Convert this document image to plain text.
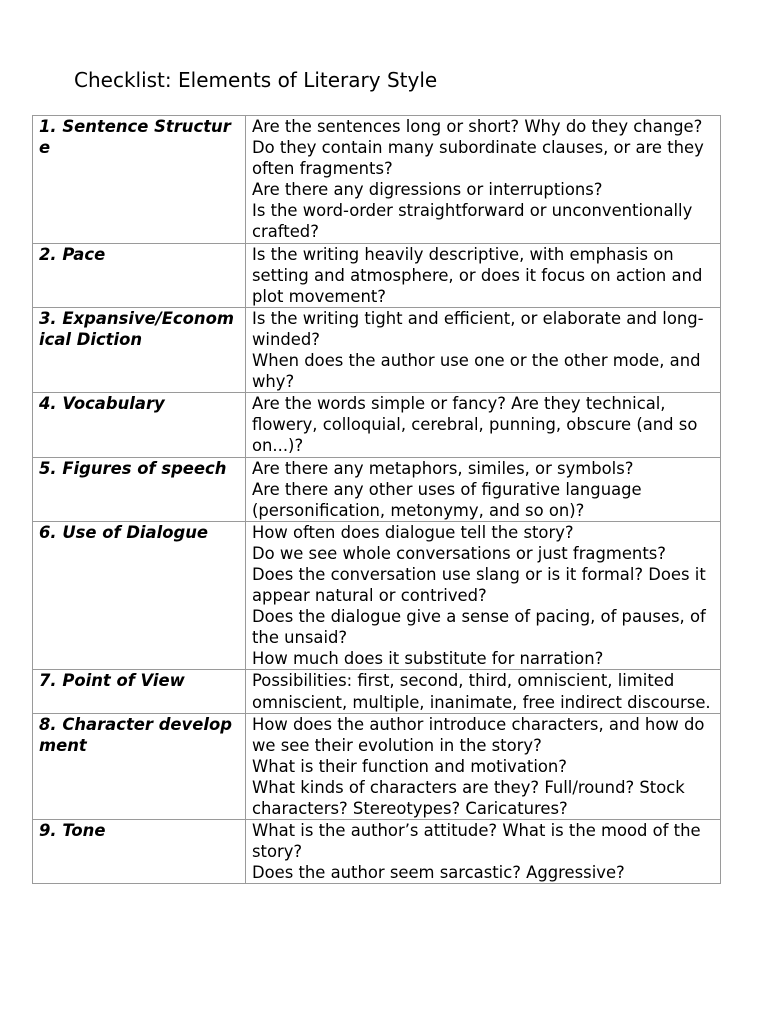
Checklist: Elements of Literary Style
1. Sentence Structure	Are the sentences long or short? Why do they change?
Do they contain many subordinate clauses, or are they often fragments?
Are there any digressions or interruptions?
Is the word-order straightforward or unconventionally crafted?

2. Pace	Is the writing heavily descriptive, with emphasis on setting and atmosphere, or does it focus on action and plot movement?

3. Expansive/Economical Diction	Is the writing tight and efficient, or elaborate and long-winded?
When does the author use one or the other mode, and why?

4. Vocabulary	Are the words simple or fancy? Are they technical, flowery, colloquial, cerebral, punning, obscure (and so on...)?

5. Figures of speech	Are there any metaphors, similes, or symbols?
Are there any other uses of figurative language (personification, metonymy, and so on)?

6. Use of Dialogue	How often does dialogue tell the story?
Do we see whole conversations or just fragments?
Does the conversation use slang or is it formal? Does it appear natural or contrived?
Does the dialogue give a sense of pacing, of pauses, of the unsaid?
How much does it substitute for narration?

7. Point of View	Possibilities: first, second, third, omniscient, limited omniscient, multiple, inanimate, free indirect discourse.

8. Character development	How does the author introduce characters, and how do we see their evolution in the story?
What is their function and motivation?
What kinds of characters are they? Full/round? Stock characters? Stereotypes? Caricatures?

9. Tone	What is the author’s attitude? What is the mood of the story?
Does the author seem sarcastic? Aggressive?
